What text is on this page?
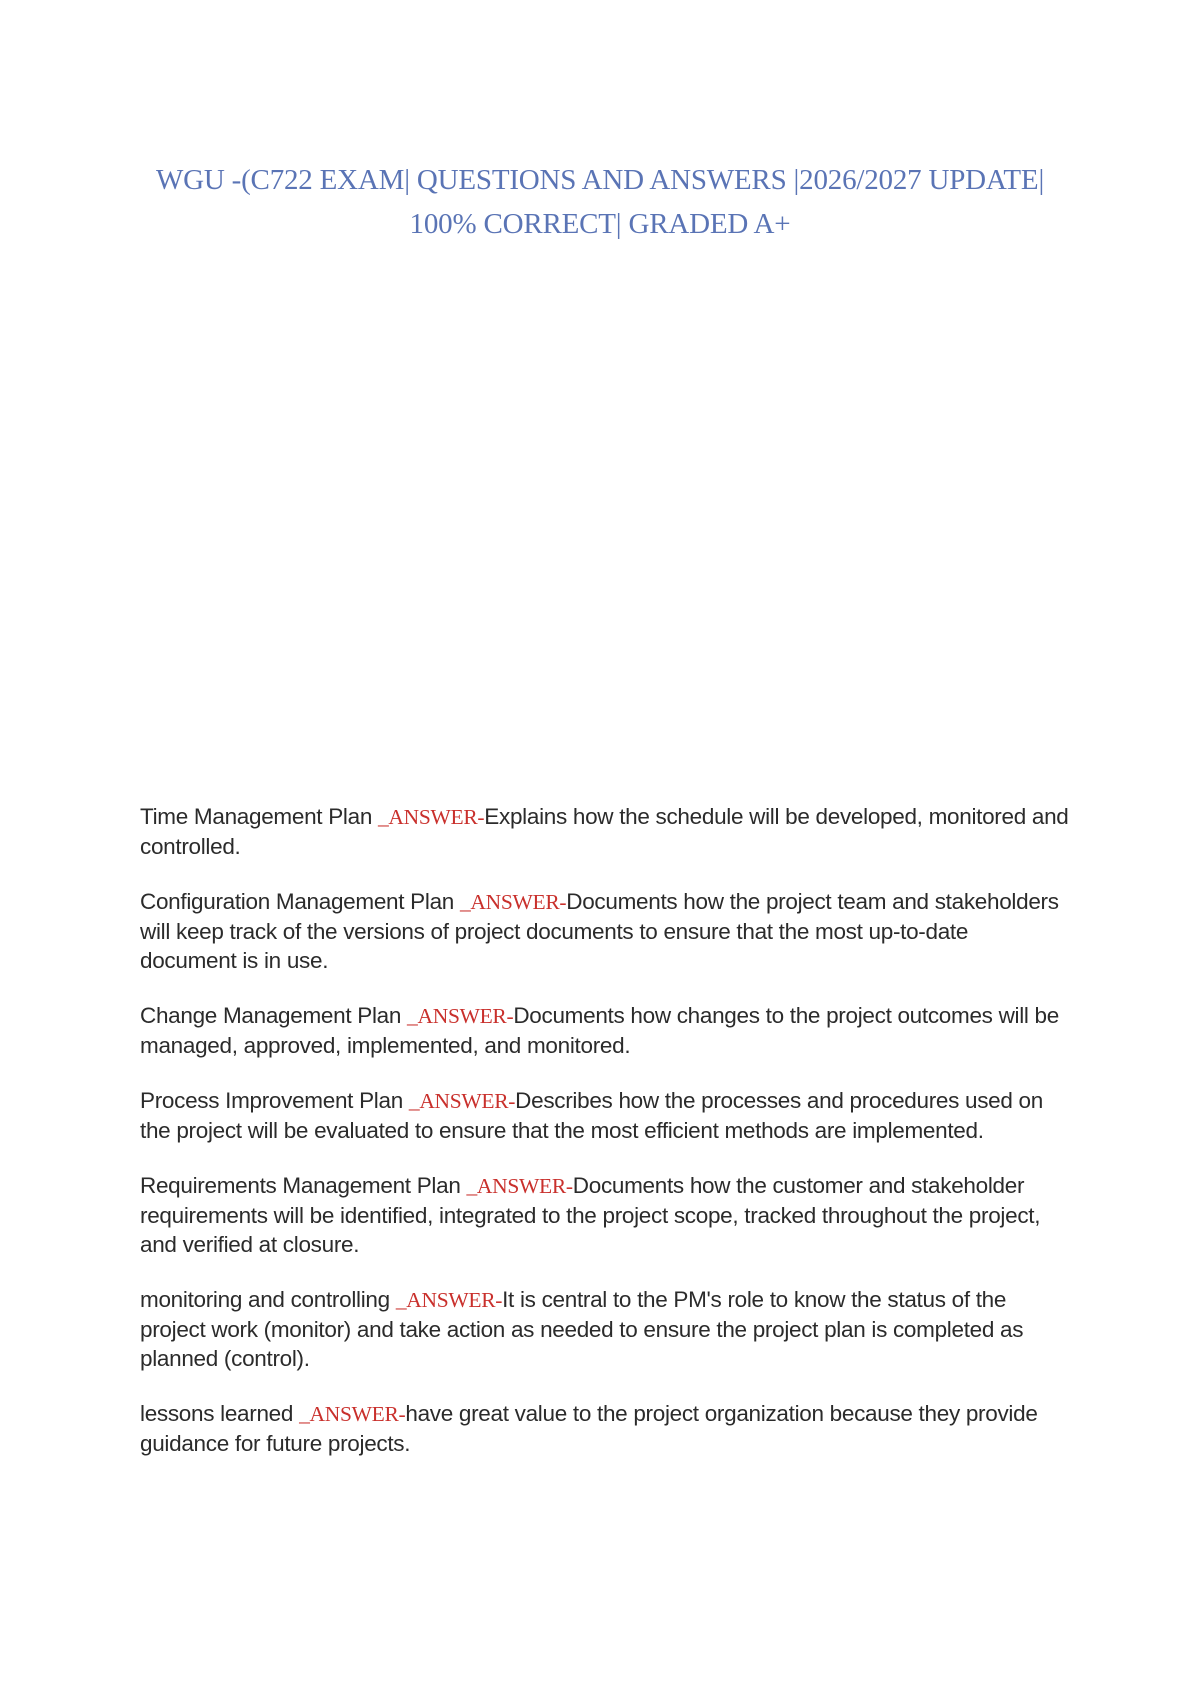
WGU -(C722 EXAM| QUESTIONS AND ANSWERS |2026/2027 UPDATE|
100% CORRECT| GRADED A+
Time Management Plan _ANSWER-Explains how the schedule will be developed, monitored and controlled.
Configuration Management Plan _ANSWER-Documents how the project team and stakeholders will keep track of the versions of project documents to ensure that the most up-to-date document is in use.
Change Management Plan _ANSWER-Documents how changes to the project outcomes will be managed, approved, implemented, and monitored.
Process Improvement Plan _ANSWER-Describes how the processes and procedures used on the project will be evaluated to ensure that the most efficient methods are implemented.
Requirements Management Plan _ANSWER-Documents how the customer and stakeholder requirements will be identified, integrated to the project scope, tracked throughout the project, and verified at closure.
monitoring and controlling _ANSWER-It is central to the PM's role to know the status of the project work (monitor) and take action as needed to ensure the project plan is completed as planned (control).
lessons learned _ANSWER-have great value to the project organization because they provide guidance for future projects.
